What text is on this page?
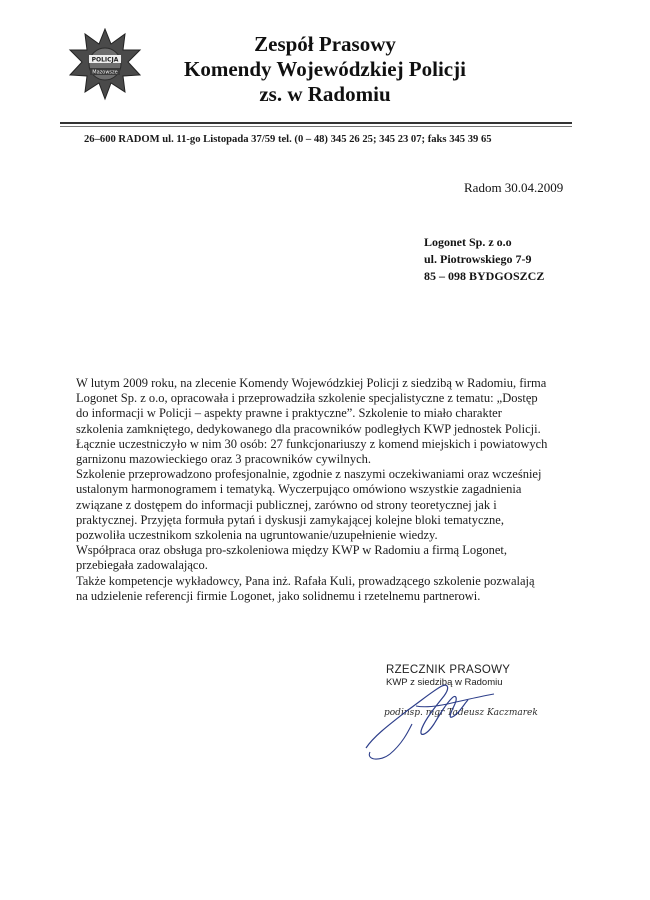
POLICJA
Mazowsze
Zespół Prasowy
Komendy Wojewódzkiej Policji
zs. w Radomiu
26–600 RADOM ul. 11-go Listopada 37/59 tel. (0 – 48) 345 26 25; 345 23 07; faks 345 39 65
Radom 30.04.2009
Logonet Sp. z o.o
ul. Piotrowskiego 7-9
85 – 098 BYDGOSZCZ
W lutym 2009 roku, na zlecenie Komendy Wojewódzkiej Policji z siedzibą w Radomiu, firma
Logonet Sp. z o.o, opracowała i przeprowadziła szkolenie specjalistyczne z tematu: „Dostęp
do informacji w Policji – aspekty prawne i praktyczne”. Szkolenie to miało charakter
szkolenia zamkniętego, dedykowanego dla pracowników podległych KWP jednostek Policji.
Łącznie uczestniczyło w nim 30 osób: 27 funkcjonariuszy z komend miejskich i powiatowych
garnizonu mazowieckiego oraz 3 pracowników cywilnych.
Szkolenie przeprowadzono profesjonalnie, zgodnie z naszymi oczekiwaniami oraz wcześniej
ustalonym harmonogramem i tematyką. Wyczerpująco omówiono wszystkie zagadnienia
związane z dostępem do informacji publicznej, zarówno od strony teoretycznej jak i
praktycznej. Przyjęta formuła pytań i dyskusji zamykającej kolejne bloki tematyczne,
pozwoliła uczestnikom szkolenia na ugruntowanie/uzupełnienie wiedzy.
Współpraca oraz obsługa pro-szkoleniowa między KWP w Radomiu a firmą Logonet,
przebiegała zadowalająco.
Także kompetencje wykładowcy, Pana inż. Rafała Kuli, prowadzącego szkolenie pozwalają
na udzielenie referencji firmie Logonet, jako solidnemu i rzetelnemu partnerowi.
RZECZNIK PRASOWY
KWP z siedzibą w Radomiu
podinsp. mgr Tadeusz Kaczmarek
